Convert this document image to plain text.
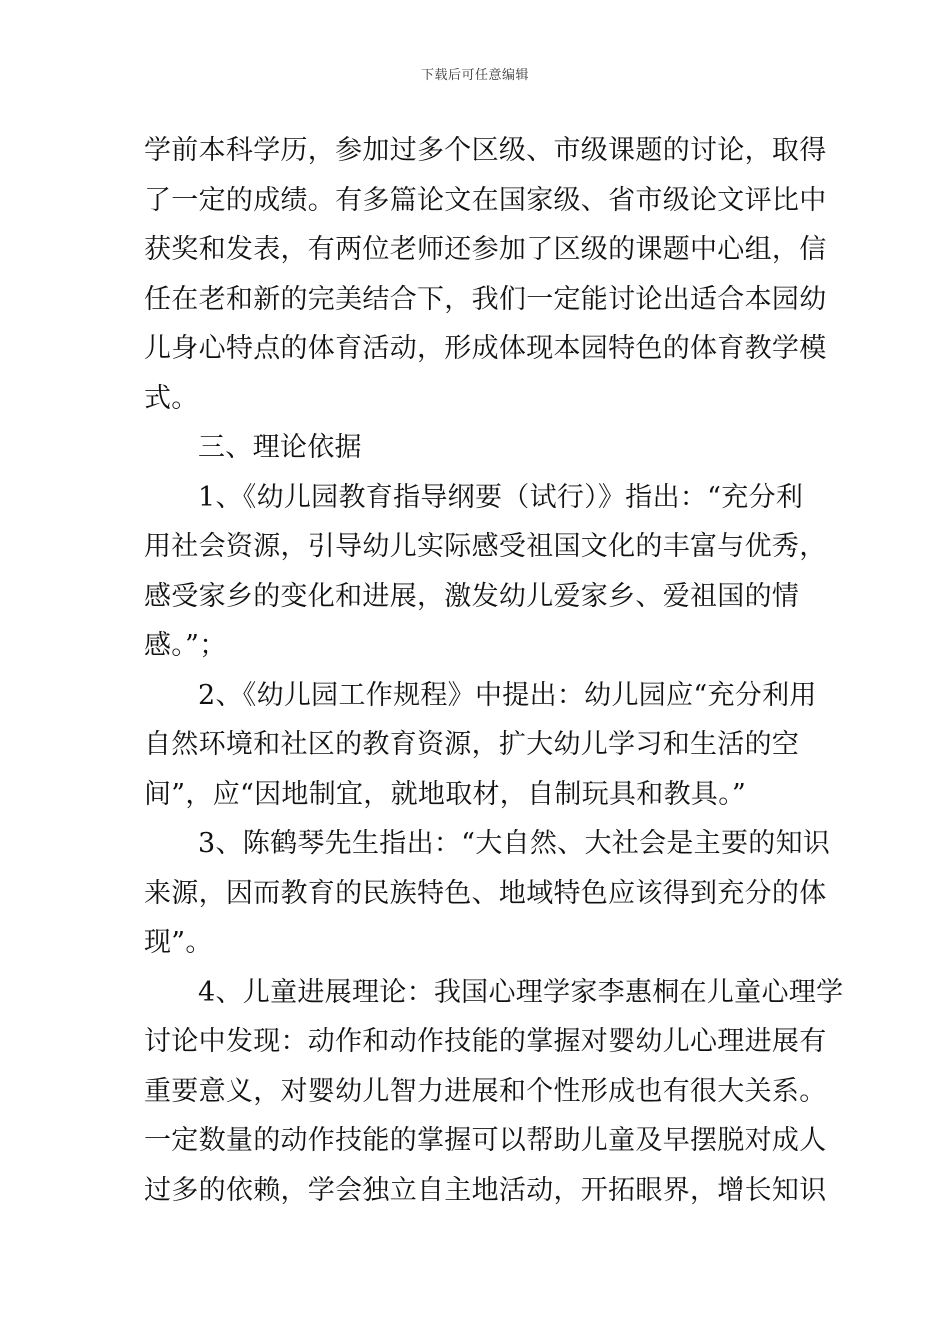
下载后可任意编辑
学前本科学历，参加过多个区级、市级课题的讨论，取得
了一定的成绩。有多篇论文在国家级、省市级论文评比中
获奖和发表，有两位老师还参加了区级的课题中心组，信
任在老和新的完美结合下，我们一定能讨论出适合本园幼
儿身心特点的体育活动，形成体现本园特色的体育教学模
式。
三、理论依据
1、《幼儿园教育指导纲要（试行）》指出：“充分利
用社会资源，引导幼儿实际感受祖国文化的丰富与优秀，
感受家乡的变化和进展，激发幼儿爱家乡、爱祖国的情
感。”；
2、《幼儿园工作规程》中提出：幼儿园应“充分利用
自然环境和社区的教育资源，扩大幼儿学习和生活的空
间”，应“因地制宜，就地取材，自制玩具和教具。”
3、陈鹤琴先生指出：“大自然、大社会是主要的知识
来源，因而教育的民族特色、地域特色应该得到充分的体
现”。
4、儿童进展理论：我国心理学家李惠桐在儿童心理学
讨论中发现：动作和动作技能的掌握对婴幼儿心理进展有
重要意义，对婴幼儿智力进展和个性形成也有很大关系。
一定数量的动作技能的掌握可以帮助儿童及早摆脱对成人
过多的依赖，学会独立自主地活动，开拓眼界，增长知识
